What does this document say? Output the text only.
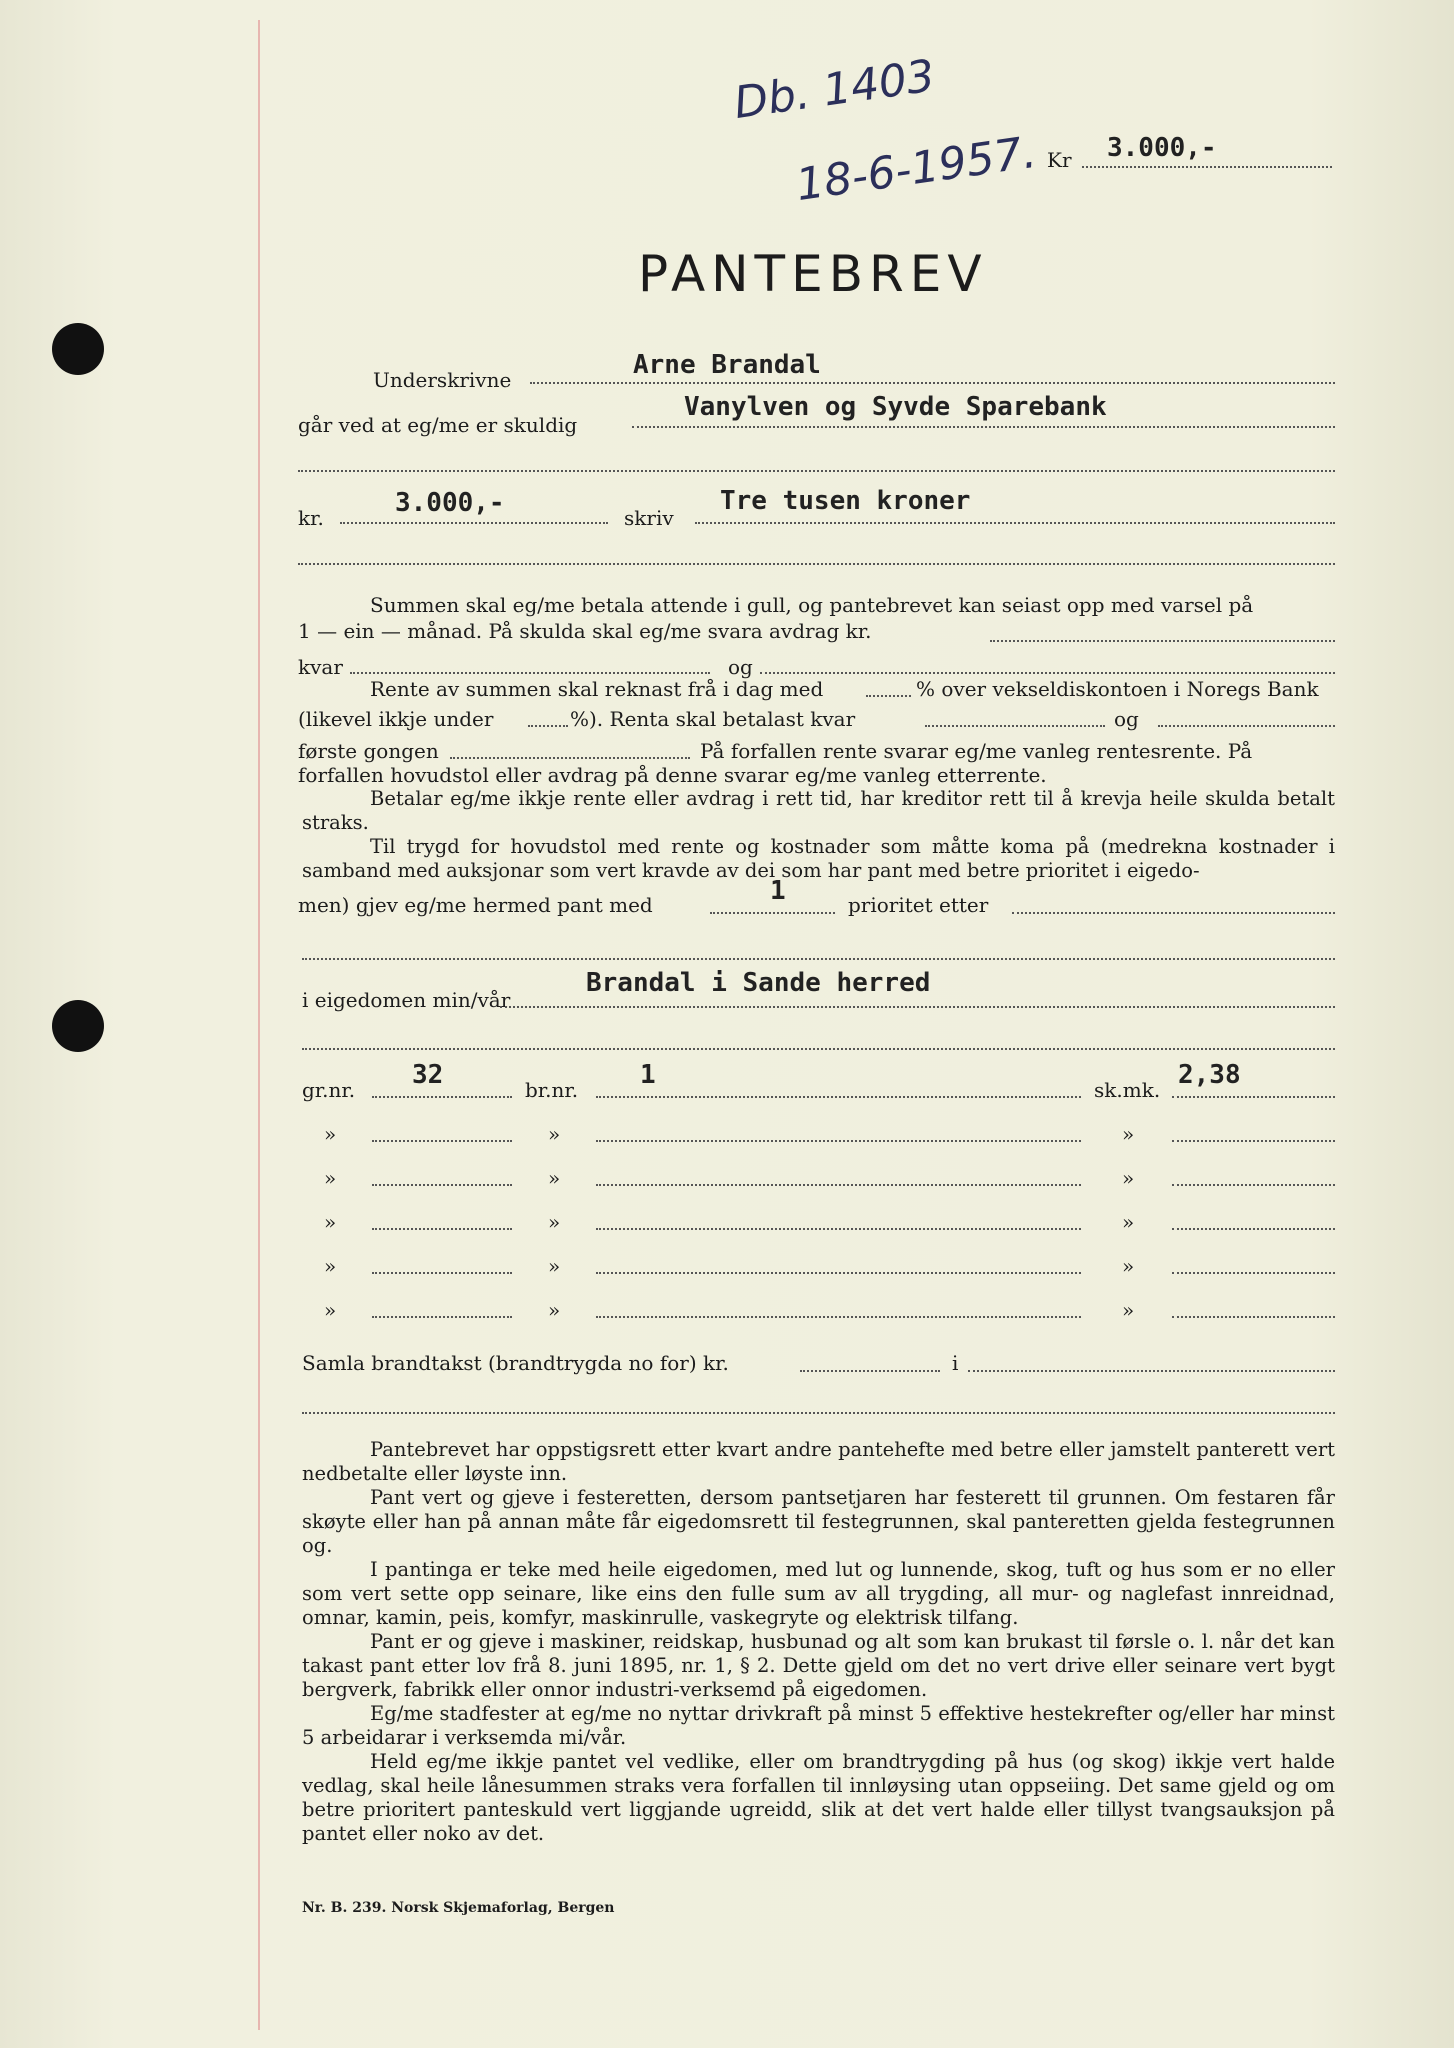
Db. 1403
18-6-1957. Kr 3.000,-
PANTEBREV
Underskrivne	Arne Brandal
går ved at eg/me er skuldig
Vanylven og Syvde Sparebank
kr.	3.000,-	skriv
Tre tusen kroner
Summen skal eg/me betala attende i gull, og pantebrevet kan seiast opp med varsel på
1 — ein — månad. På skulda skal eg/me svara avdrag kr.
kvar	og
Rente av summen skal reknast frå i dag med	% over vekseldiskontoen i Noregs Bank
(likevel ikkje under	%). Renta skal betalast kvar	og
første gongen	På forfallen rente svarar eg/me vanleg rentesrente. På
forfallen hovudstol eller avdrag på denne svarar eg/me vanleg etterrente.

Betalar eg/me ikkje rente eller avdrag i rett tid, har kreditor rett til å krevja heile skulda betalt straks.

Til trygd for hovudstol med rente og kostnader som måtte koma på (medrekna kostnader i samband med auksjonar som vert kravde av dei som har pant med betre prioritet i eigedo-

men) gjev eg/me hermed pant med	1	prioritet etter
i eigedomen min/vår
Brandal i Sande herred
gr.nr. 32	br.nr. 1	sk.mk. 2,38
»	»	»
»	»	»
»	»	»
»	»	»
»	»	»
Samla brandtakst (brandtrygda no for) kr.	i

Pantebrevet har oppstigsrett etter kvart andre pantehefte med betre eller jamstelt panterett vert nedbetalte eller løyste inn.

Pant vert og gjeve i festeretten, dersom pantsetjaren har festerett til grunnen. Om festaren får skøyte eller han på annan måte får eigedomsrett til festegrunnen, skal panteretten gjelda festegrunnen og.

I pantinga er teke med heile eigedomen, med lut og lunnende, skog, tuft og hus som er no eller som vert sette opp seinare, like eins den fulle sum av all trygding, all mur- og naglefast innreidnad, omnar, kamin, peis, komfyr, maskinrulle, vaskegryte og elektrisk tilfang.

Pant er og gjeve i maskiner, reidskap, husbunad og alt som kan brukast til førsle o. l. når det kan takast pant etter lov frå 8. juni 1895, nr. 1, § 2. Dette gjeld om det no vert drive eller seinare vert bygt bergverk, fabrikk eller onnor industri-verksemd på eigedomen.

Eg/me stadfester at eg/me no nyttar drivkraft på minst 5 effektive hestekrefter og/eller har minst 5 arbeidarar i verksemda mi/vår.

Held eg/me ikkje pantet vel vedlike, eller om brandtrygding på hus (og skog) ikkje vert halde vedlag, skal heile lånesummen straks vera forfallen til innløysing utan oppseiing. Det same gjeld og om betre prioritert panteskuld vert liggjande ugreidd, slik at det vert halde eller tillyst tvangsauksjon på pantet eller noko av det.

Nr. B. 239. Norsk Skjemaforlag, Bergen
